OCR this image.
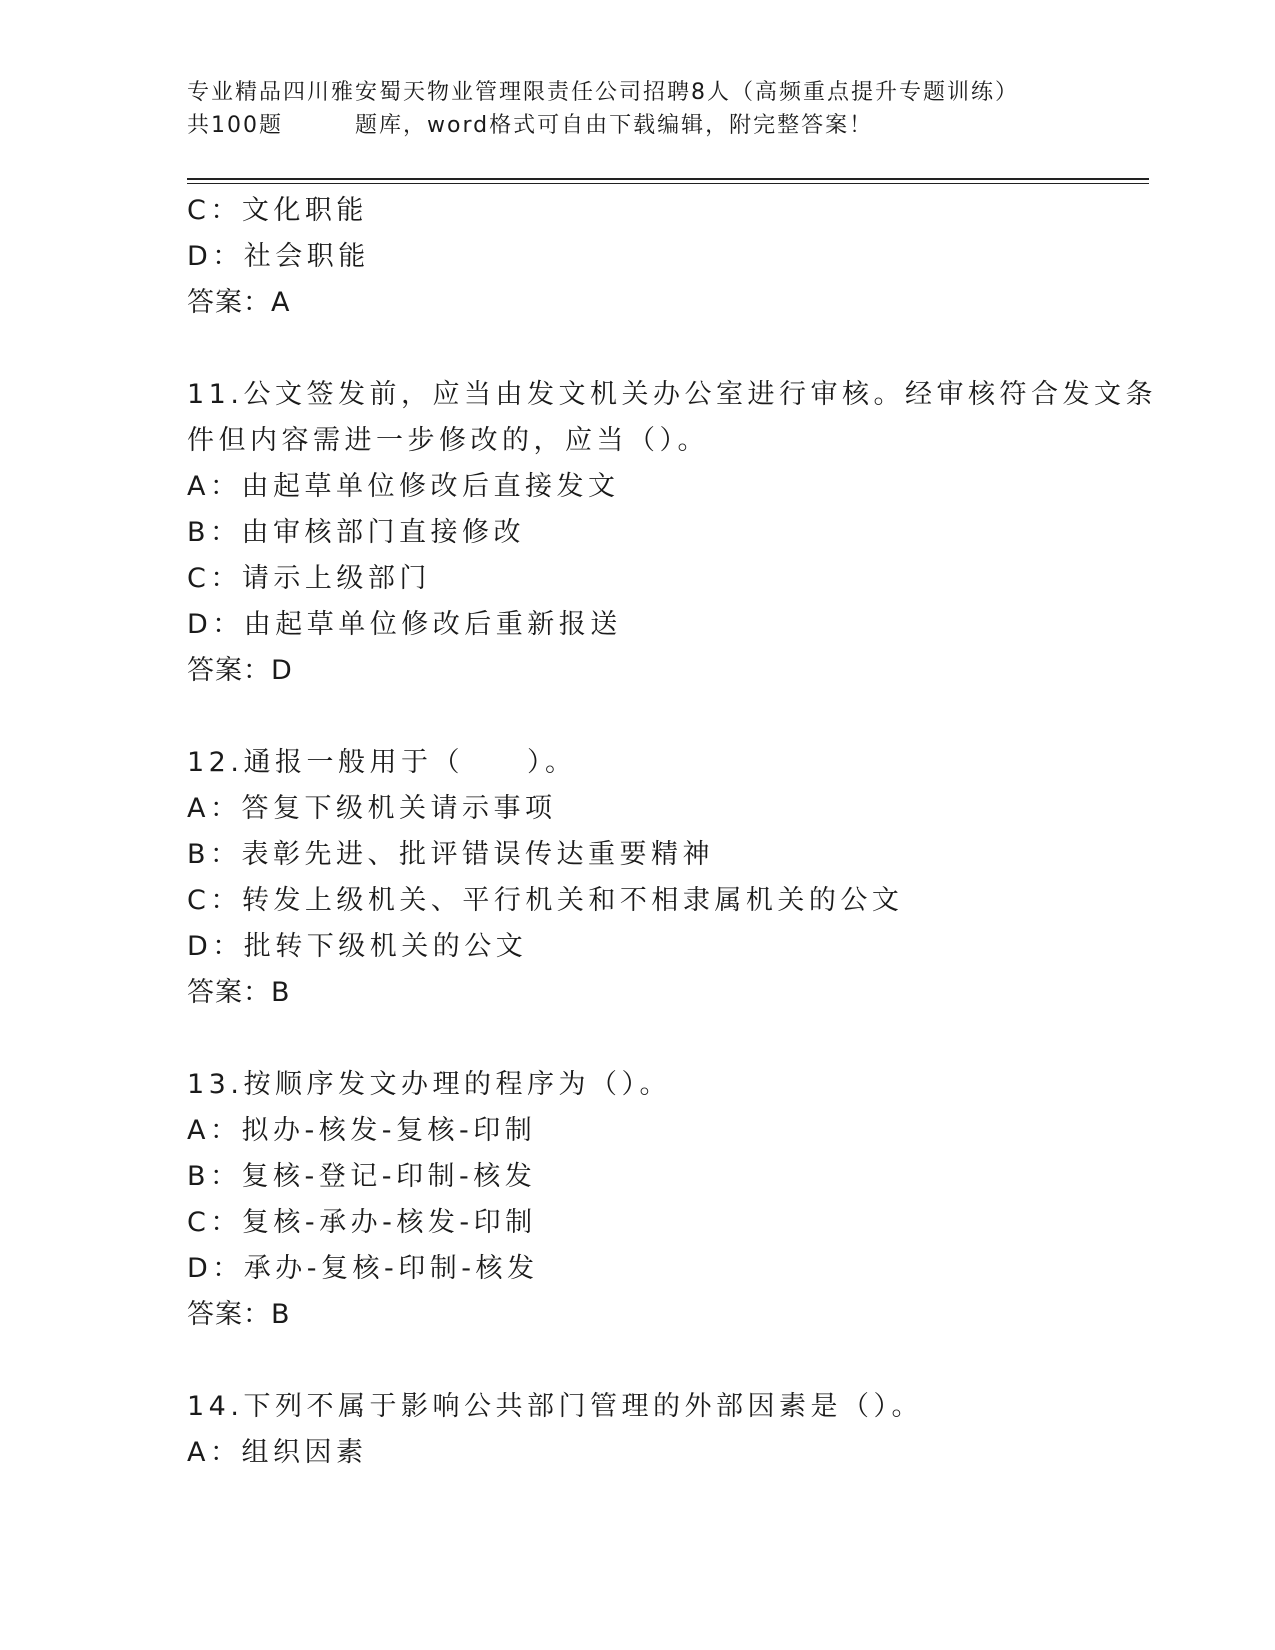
专业精品四川雅安蜀天物业管理限责任公司招聘8人（高频重点提升专题训练）
共100题	题库，word格式可自由下载编辑，附完整答案！
C：文化职能
D：社会职能
答案：A
11.公文签发前，应当由发文机关办公室进行审核。经审核符合发文条
件但内容需进一步修改的，应当（）。
A：由起草单位修改后直接发文
B：由审核部门直接修改
C：请示上级部门
D：由起草单位修改后重新报送
答案：D
12.通报一般用于（　　）。
A：答复下级机关请示事项
B：表彰先进、批评错误传达重要精神
C：转发上级机关、平行机关和不相隶属机关的公文
D：批转下级机关的公文
答案：B
13.按顺序发文办理的程序为（）。
A：拟办-核发-复核-印制
B：复核-登记-印制-核发
C：复核-承办-核发-印制
D：承办-复核-印制-核发
答案：B
14.下列不属于影响公共部门管理的外部因素是（）。
A：组织因素
